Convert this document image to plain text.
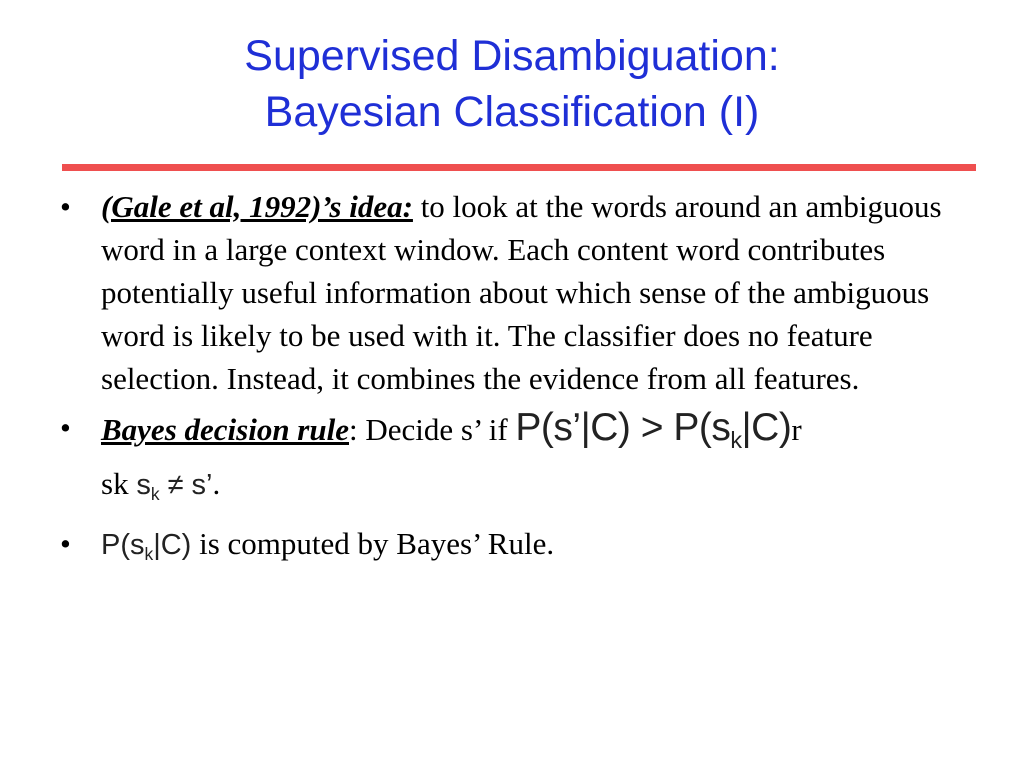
Supervised Disambiguation:
Bayesian Classification (I)
• (Gale et al, 1992)’s idea: to look at the words around an ambiguous word in a large context window. Each content word contributes potentially useful information about which sense of the ambiguous word is likely to be used with it. The classifier does no feature selection. Instead, it combines the evidence from all features.
• Bayes decision rule: Decide s’ if P(s’|C) > $P(s_k|C)r$
sk $s_k \ne s$’.
•	$P(s_k|C)$ is computed by Bayes’ Rule.
